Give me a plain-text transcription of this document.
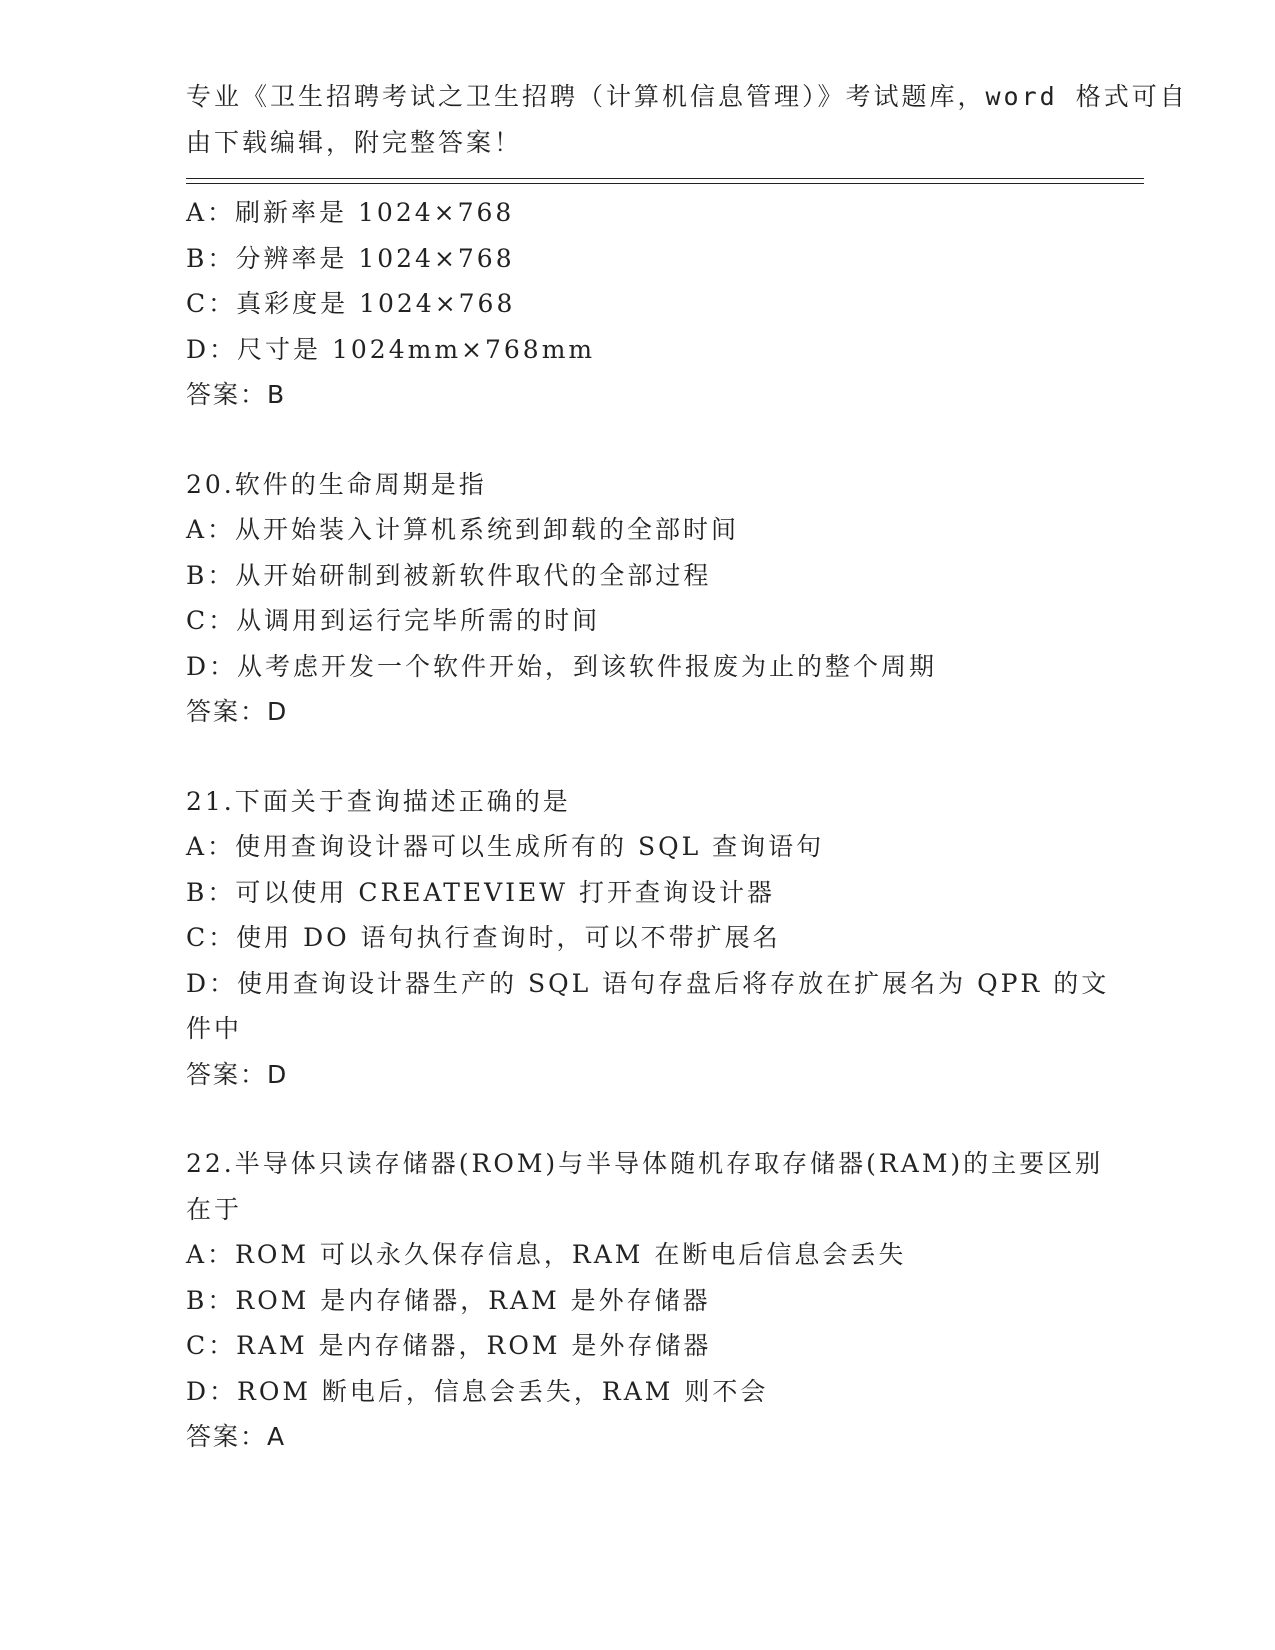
专业《卫生招聘考试之卫生招聘（计算机信息管理）》考试题库，word 格式可自
由下载编辑，附完整答案！
A：刷新率是 1024×768
B：分辨率是 1024×768
C：真彩度是 1024×768
D：尺寸是 1024mm×768mm
答案：B
20.软件的生命周期是指
A：从开始装入计算机系统到卸载的全部时间
B：从开始研制到被新软件取代的全部过程
C：从调用到运行完毕所需的时间
D：从考虑开发一个软件开始，到该软件报废为止的整个周期
答案：D
21.下面关于查询描述正确的是
A：使用查询设计器可以生成所有的 SQL 查询语句
B：可以使用 CREATEVIEW 打开查询设计器
C：使用 DO 语句执行查询时，可以不带扩展名
D：使用查询设计器生产的 SQL 语句存盘后将存放在扩展名为 QPR 的文
件中
答案：D
22.半导体只读存储器(ROM)与半导体随机存取存储器(RAM)的主要区别
在于
A：ROM 可以永久保存信息，RAM 在断电后信息会丢失
B：ROM 是内存储器，RAM 是外存储器
C：RAM 是内存储器，ROM 是外存储器
D：ROM 断电后，信息会丢失，RAM 则不会
答案：A
